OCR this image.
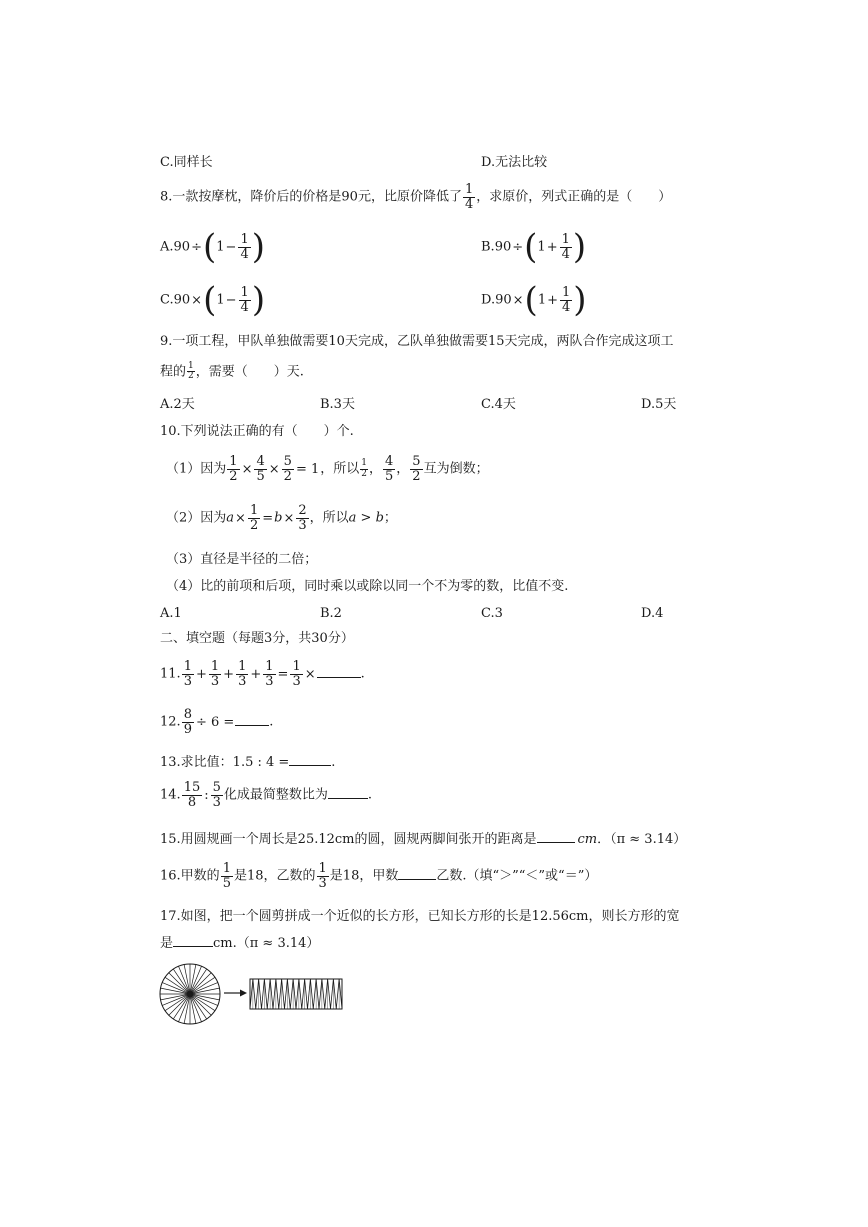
C.同样长	D.无法比较
8.一款按摩枕，降价后的价格是90元，比原价降低了 $\frac{1}{4}$ ，求原价，列式正确的是（　　）
$A.90\div(1- \frac{1}{4}$ )	$B.90\div(1+ \frac{1}{4}$ )
$C.90\times(1- \frac{1}{4}$ )	$D.90\times(1+ \frac{1}{4}$ )
9.一项工程，甲队单独做需要10天完成，乙队单独做需要15天完成，两队合作完成这项工
程的 $\frac{1}{2}$ ，需要（　　）天.
A.2天	B.3天	C.4天	D.5天
10.下列说法正确的有（　　）个.
（1）因为 $\frac{1}{2} \times \frac{4}{5} \times \frac{5}{2} = 1$，所以 $\frac{1}{2}$ ， $\frac{4}{5}$ ， $\frac{5}{2}$ 互为倒数；
（2）因为$a\times \frac{1}{2} =b\times \frac{2}{3}$ ，所以a > b；
（3）直径是半径的二倍；
（4）比的前项和后项，同时乘以或除以同一个不为零的数，比值不变.
A.1	B.2	C.3	D.4
二、填空题（每题3分，共30分）
11. $\frac{1}{3} + \frac{1}{3} + \frac{1}{3} + \frac{1}{3} = \frac{1}{3}$ ×	.
12. $\frac{8}{9} \div 6$ =	.
13.求比值：1.5 : 4 =	.
14. $\frac{15}{8}$ : $\frac{5}{3}$ 化成最简整数比为	.
15.用圆规画一个周长是25.12cm的圆，圆规两脚间张开的距离是	cm．（π ≈ 3.14）
16.甲数的 $\frac{1}{5}$ 是18，乙数的 $\frac{1}{3}$ 是18，甲数	乙数.（填“＞”“＜”或“＝”）
17.如图，把一个圆剪拼成一个近似的长方形，已知长方形的长是12.56cm，则长方形的宽
是	cm.（π ≈ 3.14）
